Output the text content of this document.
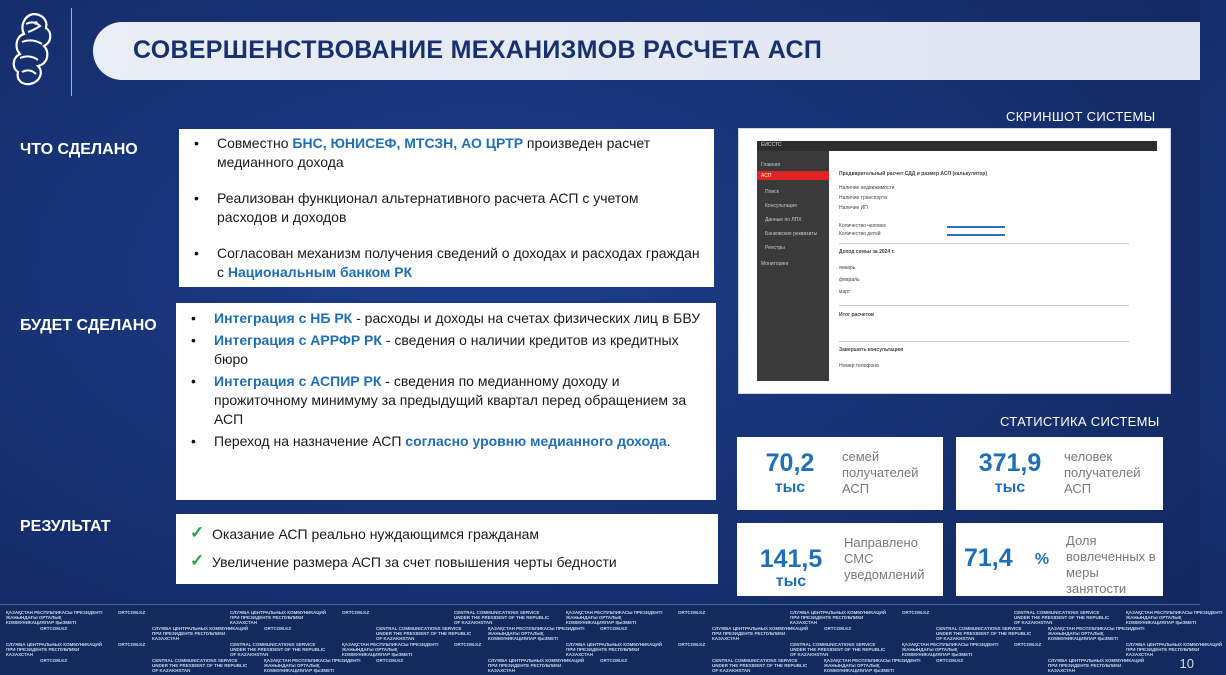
СОВЕРШЕНСТВОВАНИЕ МЕХАНИЗМОВ РАСЧЕТА АСП
ЧТО СДЕЛАНО
БУДЕТ СДЕЛАНО
РЕЗУЛЬТАТ
• Совместно БНС, ЮНИСЕФ, МТСЗН, АО ЦРТР произведен расчет медианного дохода
• Реализован функционал альтернативного расчета АСП с учетом расходов и доходов
• Согласован механизм получения сведений о доходах и расходах граждан с Национальным банком РК
• Интеграция с НБ РК - расходы и доходы на счетах физических лиц в БВУ
• Интеграция с АРРФР РК - сведения о наличии кредитов из кредитных бюро
• Интеграция с АСПИР РК - сведения по медианному доходу и прожиточному минимуму за предыдущий квартал перед обращением за АСП
• Переход на назначение АСП согласно уровню медианного дохода.
✓ Оказание АСП реально нуждающимся гражданам
✓ Увеличение размера АСП за счет повышения черты бедности
СКРИНШОТ СИСТЕМЫ
СТАТИСТИКА СИСТЕМЫ
ЕИССТС
Главная
АСП
Поиск
Консультация
Данные по ЛПХ
Банковские реквизиты
Реестры
Мониторинг
Предварительный расчет СДД и размер АСП (калькулятор)
Наличие недвижимости
Наличие транспорта
Наличие ИП
Количество человек
Количество детей
Доход семьи за 2024 г.
январь
февраль
март
Итог расчетов
Завершить консультацию
Номер телефона
70,2
тыс
семей получателей АСП
371,9
тыс
человек получателей АСП
141,5
тыс
Направлено СМС уведомлений
71,4	%
Доля вовлеченных в меры занятости
ҚАЗАҚСТАН РЕСПУБЛИКАСЫ ПРЕЗИДЕНТІ ЖАНЫНДАҒЫ ОРТАЛЫҚ КОММУНИКАЦИЯЛАР ҚЫЗМЕТІ
ORTCOM.KZ	СЛУЖБА ЦЕНТРАЛЬНЫХ КОММУНИКАЦИЙ ПРИ ПРЕЗИДЕНТЕ РЕСПУБЛИКИ КАЗАХСТАН
ORTCOM.KZ	CENTRAL COMMUNICATIONS SERVICE UNDER THE PRESIDENT OF THE REPUBLIC OF KAZAKHSTAN
ҚАЗАҚСТАН РЕСПУБЛИКАСЫ ПРЕЗИДЕНТІ ЖАНЫНДАҒЫ ОРТАЛЫҚ КОММУНИКАЦИЯЛАР ҚЫЗМЕТІ
ORTCOM.KZ	СЛУЖБА ЦЕНТРАЛЬНЫХ КОММУНИКАЦИЙ ПРИ ПРЕЗИДЕНТЕ РЕСПУБЛИКИ КАЗАХСТАН
ORTCOM.KZ	CENTRAL COMMUNICATIONS SERVICE UNDER THE PRESIDENT OF THE REPUBLIC OF KAZAKHSTAN
ҚАЗАҚСТАН РЕСПУБЛИКАСЫ ПРЕЗИДЕНТІ ЖАНЫНДАҒЫ ОРТАЛЫҚ КОММУНИКАЦИЯЛАР ҚЫЗМЕТІ
ORTCOM.KZ	СЛУЖБА ЦЕНТРАЛЬНЫХ КОММУНИКАЦИЙ ПРИ ПРЕЗИДЕНТЕ РЕСПУБЛИКИ КАЗАХСТАН
ORTCOM.KZ	CENTRAL COMMUNICATIONS SERVICE UNDER THE PRESIDENT OF THE REPUBLIC OF KAZAKHSTAN
ҚАЗАҚСТАН РЕСПУБЛИКАСЫ ПРЕЗИДЕНТІ ЖАНЫНДАҒЫ ОРТАЛЫҚ КОММУНИКАЦИЯЛАР ҚЫЗМЕТІ
ORTCOM.KZ	СЛУЖБА ЦЕНТРАЛЬНЫХ КОММУНИКАЦИЙ ПРИ ПРЕЗИДЕНТЕ РЕСПУБЛИКИ КАЗАХСТАН
ORTCOM.KZ	CENTRAL COMMUNICATIONS SERVICE UNDER THE PRESIDENT OF THE REPUBLIC OF KAZAKHSTAN
ҚАЗАҚСТАН РЕСПУБЛИКАСЫ ПРЕЗИДЕНТІ ЖАНЫНДАҒЫ ОРТАЛЫҚ КОММУНИКАЦИЯЛАР ҚЫЗМЕТІ
СЛУЖБА ЦЕНТРАЛЬНЫХ КОММУНИКАЦИЙ ПРИ ПРЕЗИДЕНТЕ РЕСПУБЛИКИ КАЗАХСТАН
ORTCOM.KZ	CENTRAL COMMUNICATIONS SERVICE UNDER THE PRESIDENT OF THE REPUBLIC OF KAZAKHSTAN
ҚАЗАҚСТАН РЕСПУБЛИКАСЫ ПРЕЗИДЕНТІ ЖАНЫНДАҒЫ ОРТАЛЫҚ КОММУНИКАЦИЯЛАР ҚЫЗМЕТІ
ORTCOM.KZ	СЛУЖБА ЦЕНТРАЛЬНЫХ КОММУНИКАЦИЙ ПРИ ПРЕЗИДЕНТЕ РЕСПУБЛИКИ КАЗАХСТАН
ORTCOM.KZ	CENTRAL COMMUNICATIONS SERVICE UNDER THE PRESIDENT OF THE REPUBLIC OF KAZAKHSTAN
ҚАЗАҚСТАН РЕСПУБЛИКАСЫ ПРЕЗИДЕНТІ ЖАНЫНДАҒЫ ОРТАЛЫҚ КОММУНИКАЦИЯЛАР ҚЫЗМЕТІ
ORTCOM.KZ	СЛУЖБА ЦЕНТРАЛЬНЫХ КОММУНИКАЦИЙ ПРИ ПРЕЗИДЕНТЕ РЕСПУБЛИКИ КАЗАХСТАН
ORTCOM.KZ	CENTRAL COMMUNICATIONS SERVICE UNDER THE PRESIDENT OF THE REPUBLIC OF KAZAKHSTAN
ҚАЗАҚСТАН РЕСПУБЛИКАСЫ ПРЕЗИДЕНТІ ЖАНЫНДАҒЫ ОРТАЛЫҚ КОММУНИКАЦИЯЛАР ҚЫЗМЕТІ
ORTCOM.KZ	СЛУЖБА ЦЕНТРАЛЬНЫХ КОММУНИКАЦИЙ ПРИ ПРЕЗИДЕНТЕ РЕСПУБЛИКИ КАЗАХСТАН
ORTCOM.KZ	CENTRAL COMMUNICATIONS SERVICE UNDER THE PRESIDENT OF THE REPUBLIC OF KAZAKHSTAN
ҚАЗАҚСТАН РЕСПУБЛИКАСЫ ПРЕЗИДЕНТІ ЖАНЫНДАҒЫ ОРТАЛЫҚ КОММУНИКАЦИЯЛАР ҚЫЗМЕТІ
ORTCOM.KZ	СЛУЖБА ЦЕНТРАЛЬНЫХ КОММУНИКАЦИЙ ПРИ ПРЕЗИДЕНТЕ РЕСПУБЛИКИ КАЗАХСТАН	10
